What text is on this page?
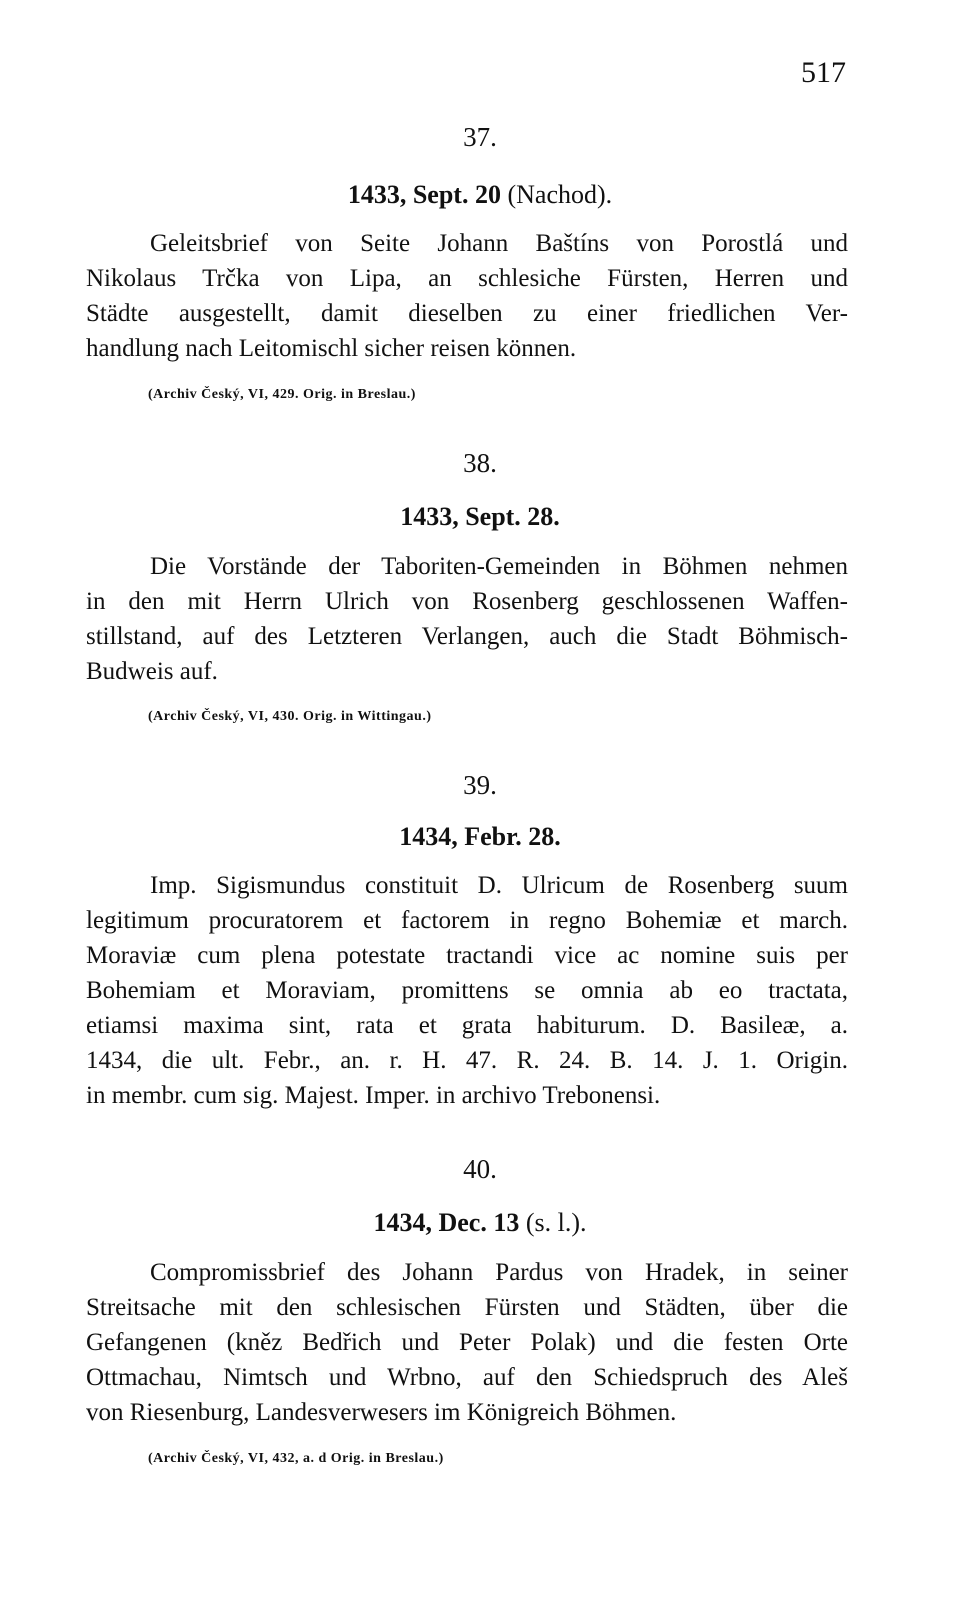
517
37.
1433, Sept. 20 (Nachod).
Geleitsbrief von Seite Johann Baštíns von Porostlá und
Nikolaus Trčka von Lipa, an schlesiche Fürsten, Herren und
Städte ausgestellt, damit dieselben zu einer friedlichen Ver-
handlung nach Leitomischl sicher reisen können.
(Archiv Český, VI, 429. Orig. in Breslau.)
38.
1433, Sept. 28.
Die Vorstände der Taboriten-Gemeinden in Böhmen nehmen
in den mit Herrn Ulrich von Rosenberg geschlossenen Waffen-
stillstand, auf des Letzteren Verlangen, auch die Stadt Böhmisch-
Budweis auf.
(Archiv Český, VI, 430. Orig. in Wittingau.)
39.
1434, Febr. 28.
Imp. Sigismundus constituit D. Ulricum de Rosenberg suum
legitimum procuratorem et factorem in regno Bohemiæ et march.
Moraviæ cum plena potestate tractandi vice ac nomine suis per
Bohemiam et Moraviam, promittens se omnia ab eo tractata,
etiamsi maxima sint, rata et grata habiturum. D. Basileæ, a.
1434, die ult. Febr., an. r. H. 47. R. 24. B. 14. J. 1. Origin.
in membr. cum sig. Majest. Imper. in archivo Trebonensi.
40.
1434, Dec. 13 (s. l.).
Compromissbrief des Johann Pardus von Hradek, in seiner
Streitsache mit den schlesischen Fürsten und Städten, über die
Gefangenen (kněz Bedřich und Peter Polak) und die festen Orte
Ottmachau, Nimtsch und Wrbno, auf den Schiedspruch des Aleš
von Riesenburg, Landesverwesers im Königreich Böhmen.
(Archiv Český, VI, 432, a. d Orig. in Breslau.)
